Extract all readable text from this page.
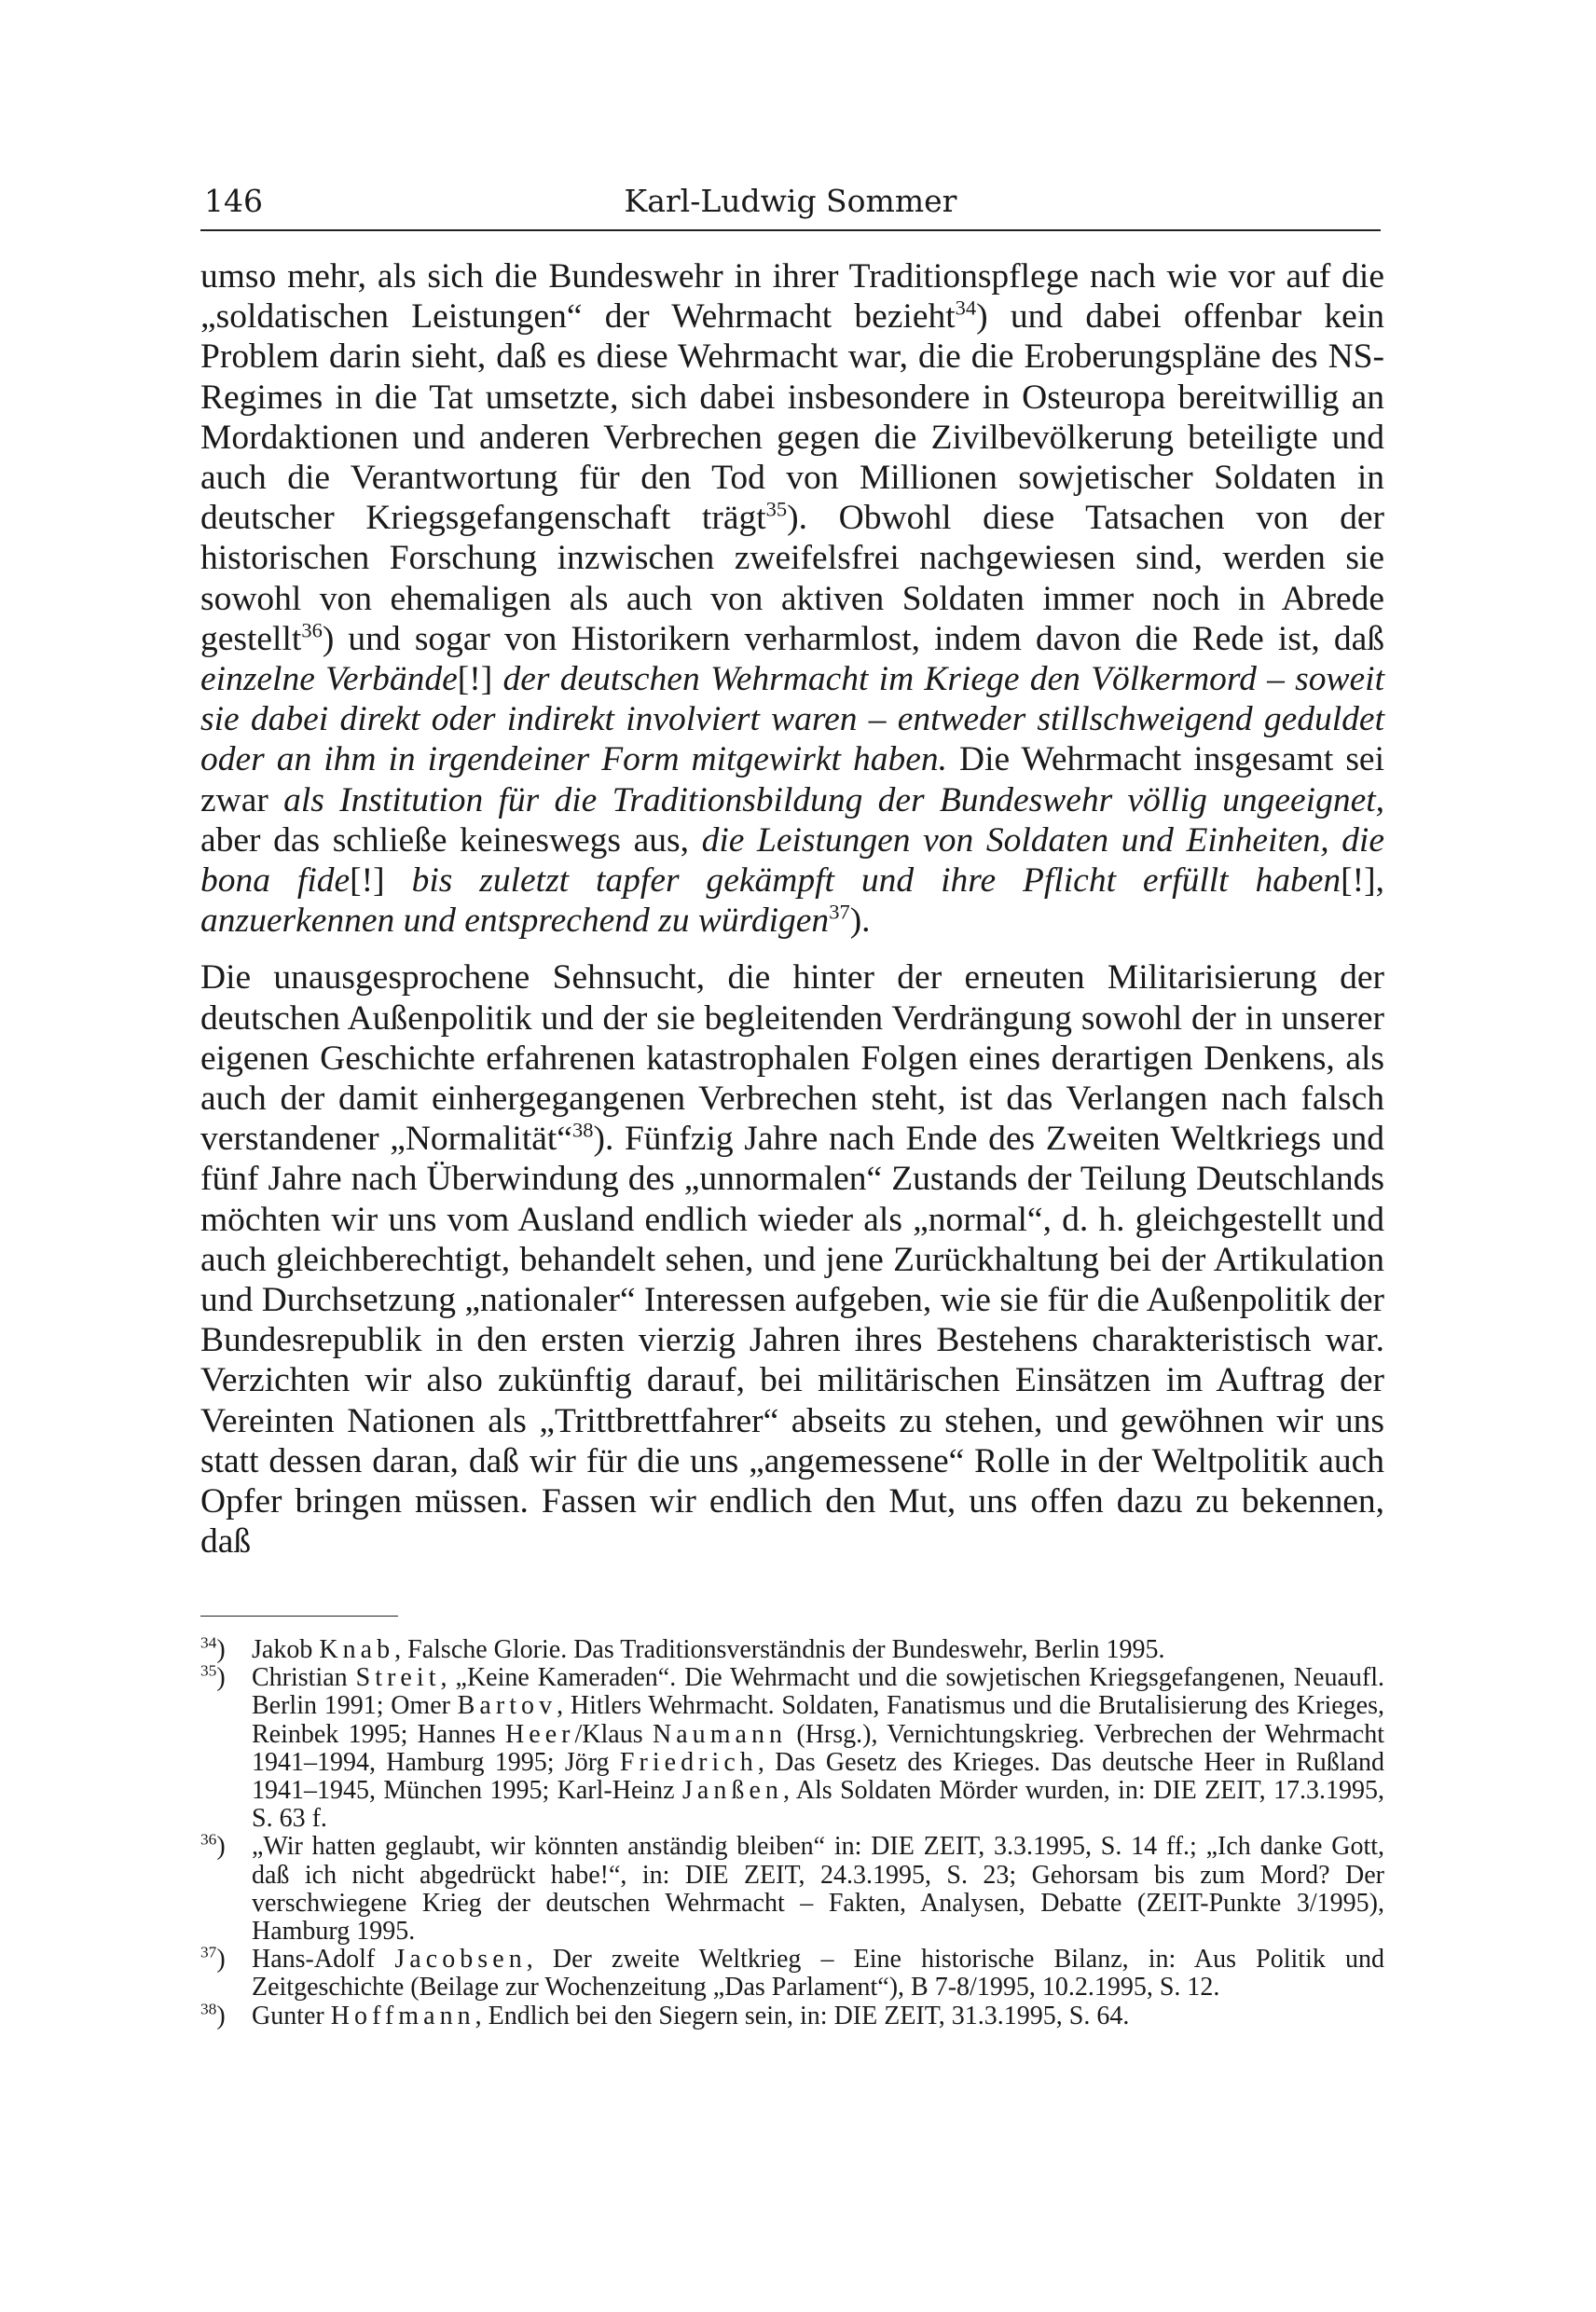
146	Karl-Ludwig Sommer

umso mehr, als sich die Bundeswehr in ihrer Traditionspflege nach wie vor auf die „soldatischen Leistungen“ der Wehrmacht bezieht$^{34}$) und dabei offenbar kein Problem darin sieht, daß es diese Wehrmacht war, die die Eroberungspläne des NS-Regimes in die Tat umsetzte, sich dabei insbesondere in Osteuropa bereitwillig an Mordaktionen und anderen Verbrechen gegen die Zivilbevölkerung beteiligte und auch die Verantwortung für den Tod von Millionen sowjetischer Soldaten in deutscher Kriegsgefangenschaft trägt$^{35}$). Obwohl diese Tatsachen von der historischen Forschung inzwischen zweifelsfrei nachgewiesen sind, werden sie sowohl von ehemaligen als auch von aktiven Soldaten immer noch in Abrede gestellt$^{36}$) und sogar von Historikern verharmlost, indem davon die Rede ist, daß einzelne Verbände[!] der deutschen Wehrmacht im Kriege den Völkermord – soweit sie dabei direkt oder indirekt involviert waren – entweder stillschweigend geduldet oder an ihm in irgendeiner Form mitgewirkt haben. Die Wehrmacht insgesamt sei zwar als Institution für die Traditionsbildung der Bundeswehr völlig ungeeignet, aber das schließe keineswegs aus, die Leistungen von Soldaten und Einheiten, die bona fide[!] bis zuletzt tapfer gekämpft und ihre Pflicht erfüllt haben[!], anzuerkennen und entsprechend zu würdigen$^{37}$).

Die unausgesprochene Sehnsucht, die hinter der erneuten Militarisierung der deutschen Außenpolitik und der sie begleitenden Verdrängung sowohl der in unserer eigenen Geschichte erfahrenen katastrophalen Folgen eines derartigen Denkens, als auch der damit einhergegangenen Verbrechen steht, ist das Verlangen nach falsch verstandener „Normalität“$^{38}$). Fünfzig Jahre nach Ende des Zweiten Weltkriegs und fünf Jahre nach Überwindung des „unnormalen“ Zustands der Teilung Deutschlands möchten wir uns vom Ausland endlich wieder als „normal“, d. h. gleichgestellt und auch gleichberechtigt, behandelt sehen, und jene Zurückhaltung bei der Artikulation und Durchsetzung „nationaler“ Interessen aufgeben, wie sie für die Außenpolitik der Bundesrepublik in den ersten vierzig Jahren ihres Bestehens charakteristisch war. Verzichten wir also zukünftig darauf, bei militärischen Einsätzen im Auftrag der Vereinten Nationen als „Trittbrettfahrer“ abseits zu stehen, und gewöhnen wir uns statt dessen daran, daß wir für die uns „angemessene“ Rolle in der Weltpolitik auch Opfer bringen müssen. Fassen wir endlich den Mut, uns offen dazu zu bekennen, daß

$^{34}$) Jakob Knab, Falsche Glorie. Das Traditionsverständnis der Bundeswehr, Berlin 1995.
$^{35}$) Christian Streit, „Keine Kameraden“. Die Wehrmacht und die sowjetischen Kriegsgefangenen, Neuaufl. Berlin 1991; Omer Bartov, Hitlers Wehrmacht. Soldaten, Fanatismus und die Brutalisierung des Krieges, Reinbek 1995; Hannes Heer/Klaus Naumann (Hrsg.), Vernichtungskrieg. Verbrechen der Wehrmacht 1941–1994, Hamburg 1995; Jörg Friedrich, Das Gesetz des Krieges. Das deutsche Heer in Rußland 1941–1945, München 1995; Karl-Heinz Janßen, Als Soldaten Mörder wurden, in: DIE ZEIT, 17.3.1995, S. 63 f.
$^{36}$) „Wir hatten geglaubt, wir könnten anständig bleiben“ in: DIE ZEIT, 3.3.1995, S. 14 ff.; „Ich danke Gott, daß ich nicht abgedrückt habe!“, in: DIE ZEIT, 24.3.1995, S. 23; Gehorsam bis zum Mord? Der verschwiegene Krieg der deutschen Wehrmacht – Fakten, Analysen, Debatte (ZEIT-Punkte 3/1995), Hamburg 1995.
$^{37}$) Hans-Adolf Jacobsen, Der zweite Weltkrieg – Eine historische Bilanz, in: Aus Politik und Zeitgeschichte (Beilage zur Wochenzeitung „Das Parlament“), B 7-8/1995, 10.2.1995, S. 12.
$^{38}$) Gunter Hoffmann, Endlich bei den Siegern sein, in: DIE ZEIT, 31.3.1995, S. 64.
